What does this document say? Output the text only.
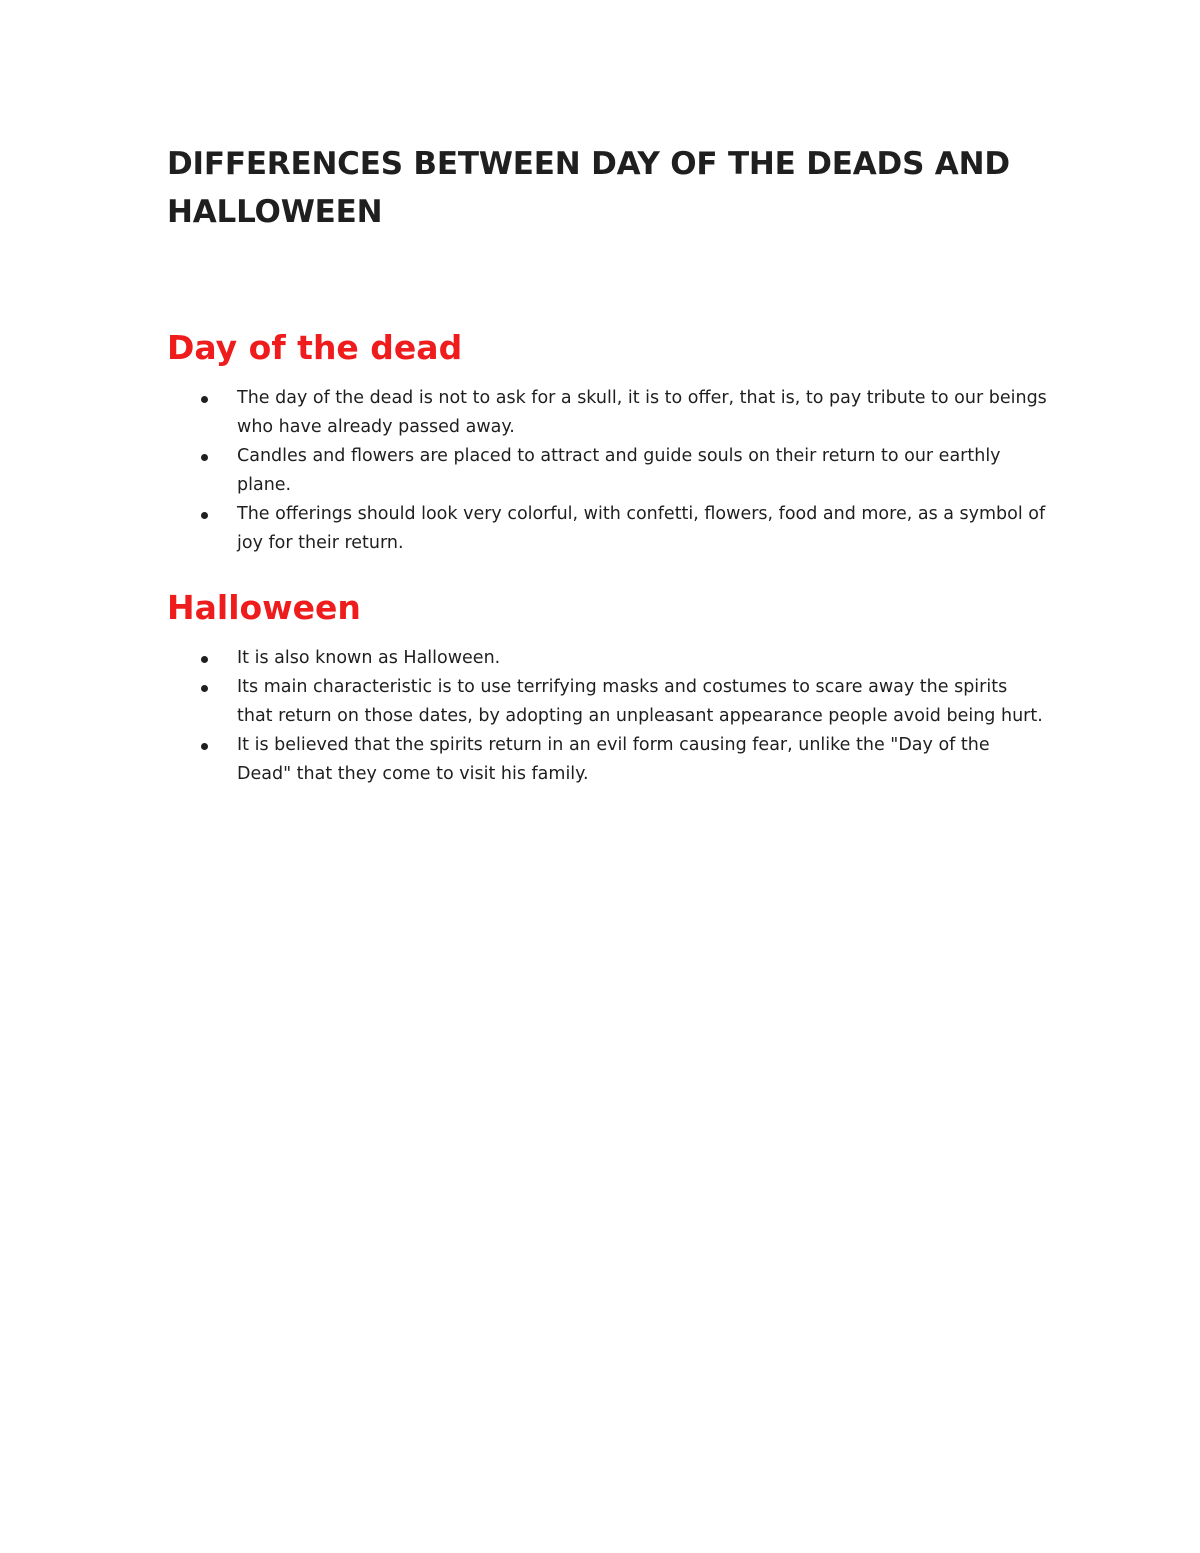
DIFFERENCES BETWEEN DAY OF THE DEADS AND HALLOWEEN
Day of the dead
The day of the dead is not to ask for a skull, it is to offer, that is, to pay tribute to our beings who have already passed away.
Candles and flowers are placed to attract and guide souls on their return to our earthly plane.
The offerings should look very colorful, with confetti, flowers, food and more, as a symbol of joy for their return.
Halloween
It is also known as Halloween.
Its main characteristic is to use terrifying masks and costumes to scare away the spirits that return on those dates, by adopting an unpleasant appearance people avoid being hurt.
It is believed that the spirits return in an evil form causing fear, unlike the "Day of the Dead" that they come to visit his family.
